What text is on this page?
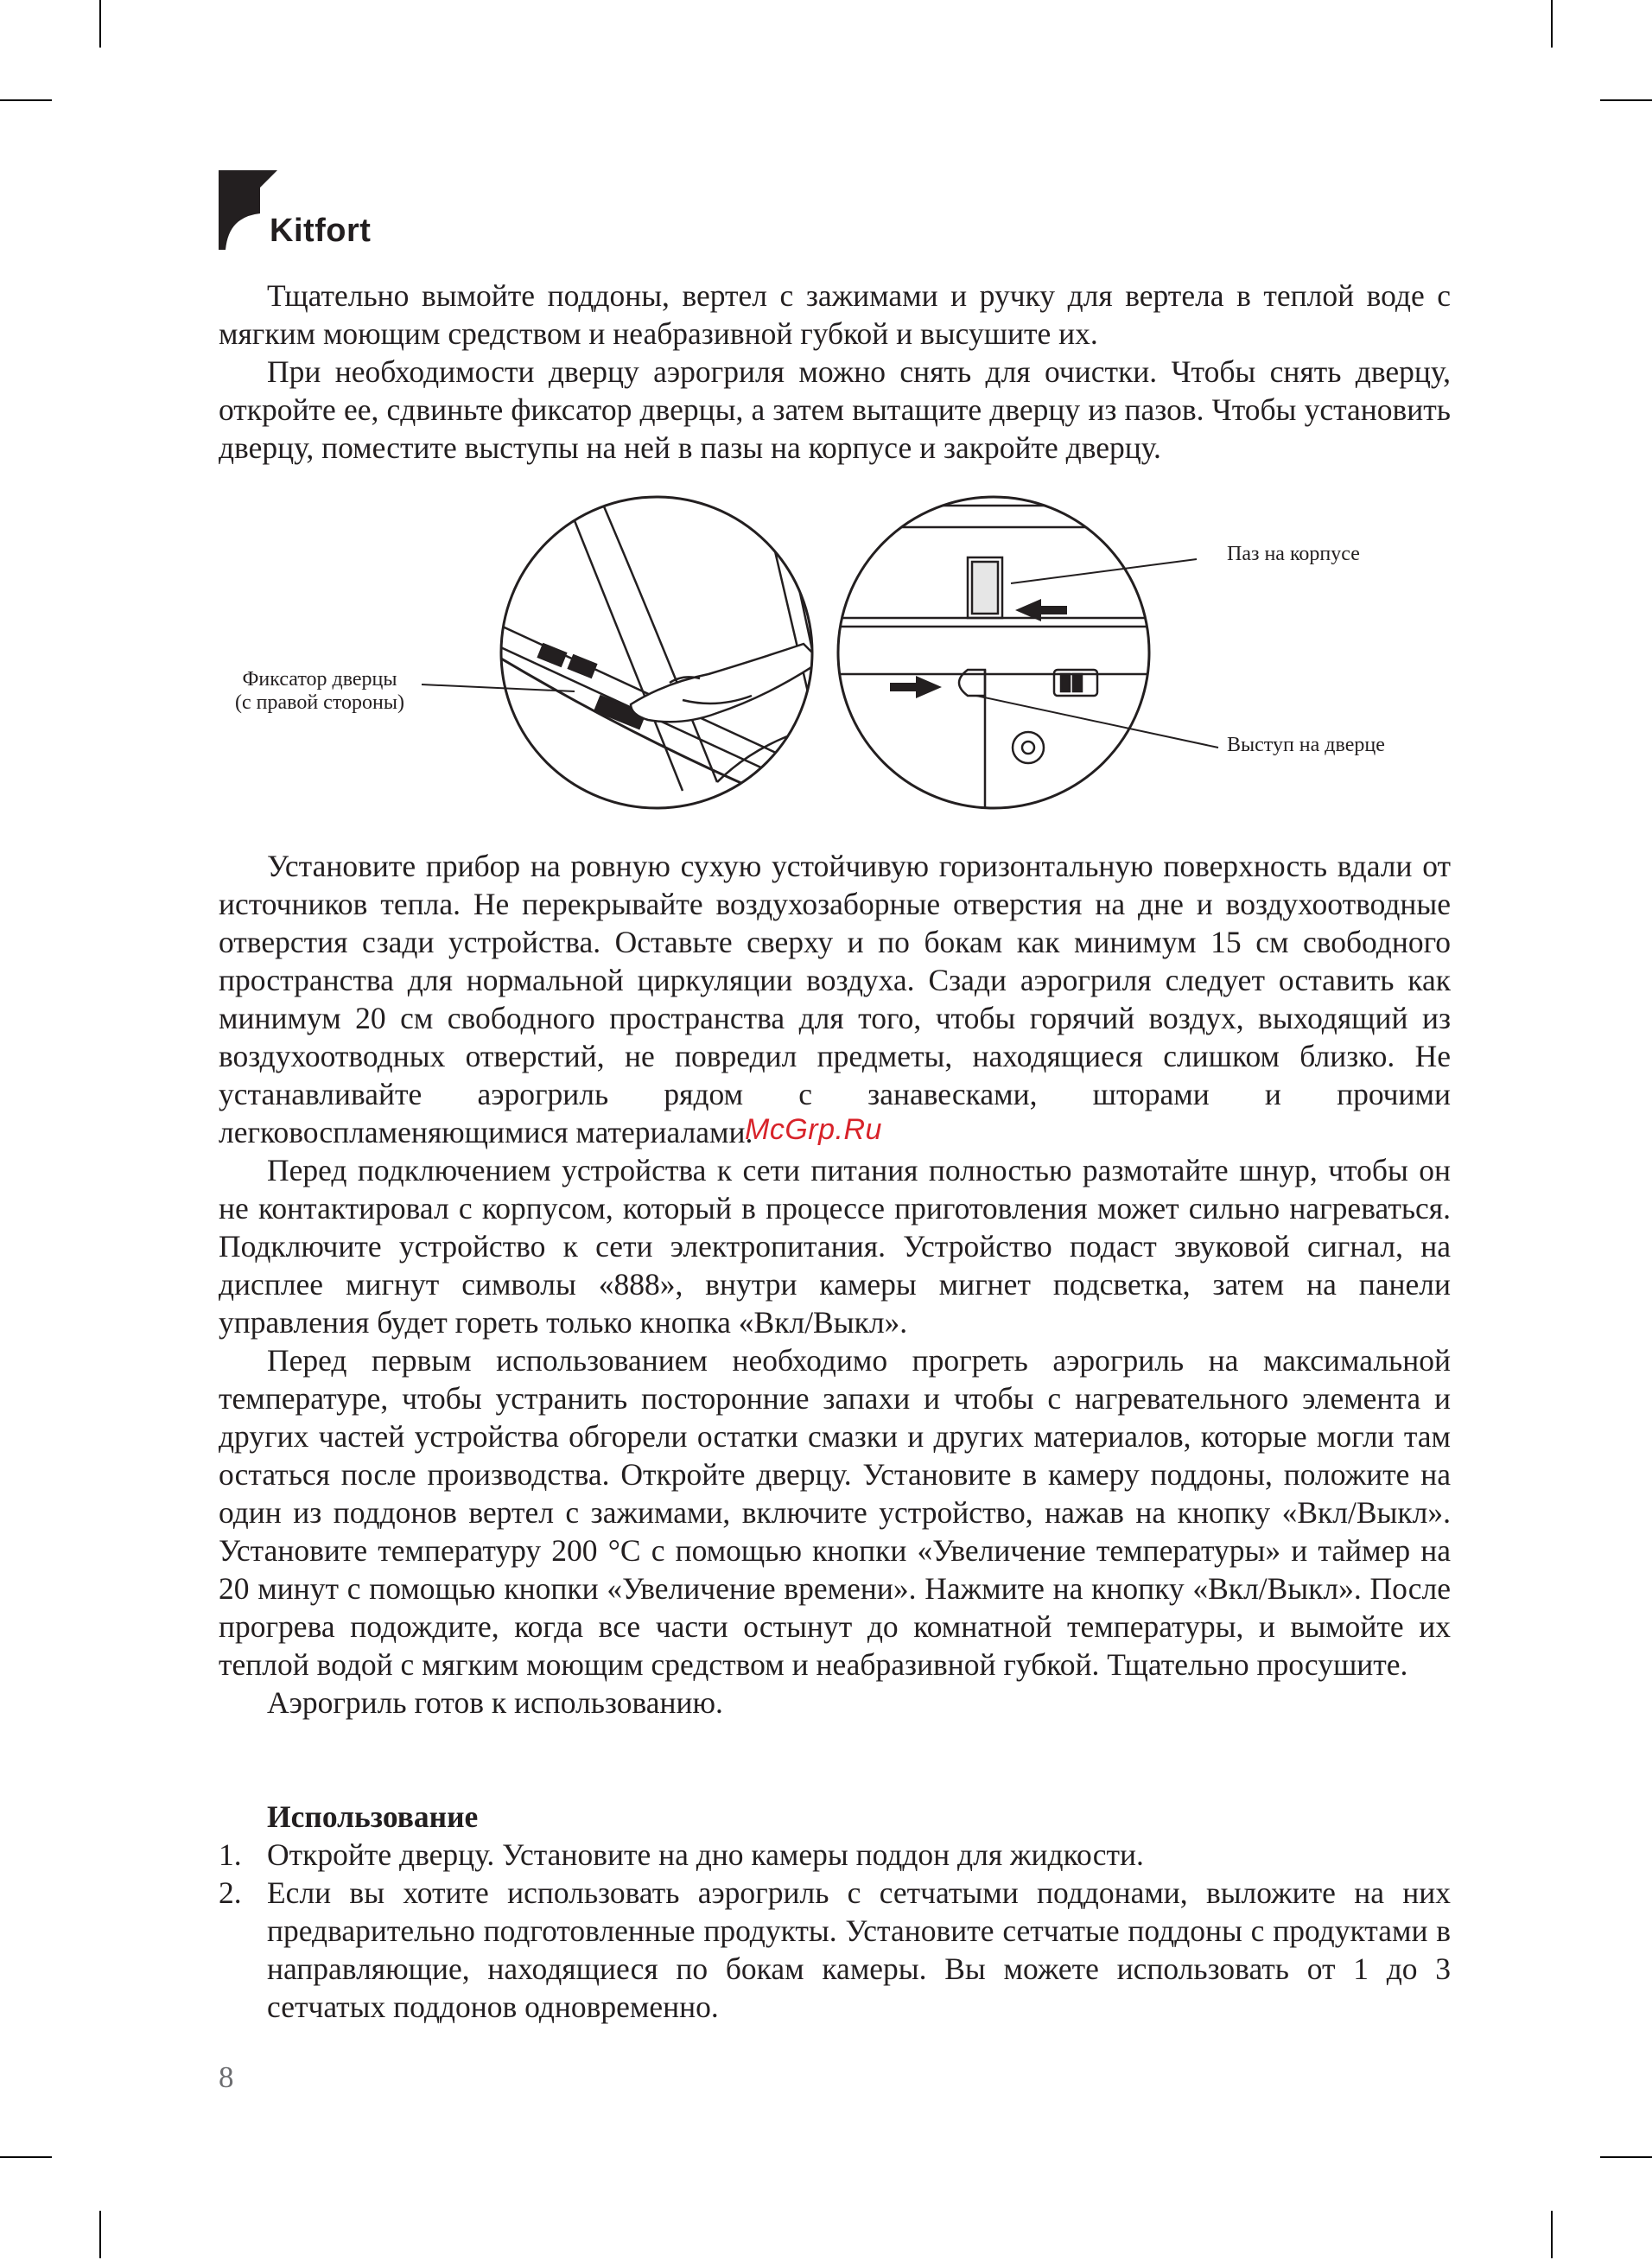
Kitfort

Тщательно вымойте поддоны, вертел с зажимами и ручку для вертела в теплой воде с мягким моющим средством и неабразивной губкой и высушите их.

При необходимости дверцу аэрогриля можно снять для очистки. Чтобы снять дверцу, откройте ее, сдвиньте фиксатор дверцы, а затем вытащите дверцу из пазов. Чтобы установить дверцу, поместите выступы на ней в пазы на корпусе и закройте дверцу.

Фиксатор дверцы
(с правой стороны)
Паз на корпусе
Выступ на дверце

Установите прибор на ровную сухую устойчивую горизонтальную поверхность вдали от источников тепла. Не перекрывайте воздухозаборные отверстия на дне и воздухоотводные отверстия сзади устройства. Оставьте сверху и по бокам как минимум 15 см свободного пространства для нормальной циркуляции воздуха. Сзади аэрогриля следует оставить как минимум 20 см свободного пространства для того, чтобы горячий воздух, выходящий из воздухоотводных отверстий, не повредил предметы, находящиеся слишком близко. Не устанавливайте аэрогриль рядом с занавесками, шторами и прочими легковоспламеняющимися материалами.

Перед подключением устройства к сети питания полностью размотайте шнур, чтобы он не контактировал с корпусом, который в процессе приготовления может сильно нагреваться. Подключите устройство к сети электропитания. Устройство подаст звуковой сигнал, на дисплее мигнут символы «888», внутри камеры мигнет подсветка, затем на панели управления будет гореть только кнопка «Вкл/Выкл».

Перед первым использованием необходимо прогреть аэрогриль на максимальной температуре, чтобы устранить посторонние запахи и чтобы с нагревательного элемента и других частей устройства обгорели остатки смазки и других материалов, которые могли там остаться после производства. Откройте дверцу. Установите в камеру поддоны, положите на один из поддонов вертел с зажимами, включите устройство, нажав на кнопку «Вкл/Выкл». Установите температуру 200 °С с помощью кнопки «Увеличение температуры» и таймер на 20 минут с помощью кнопки «Увеличение времени». Нажмите на кнопку «Вкл/Выкл». После прогрева подождите, когда все части остынут до комнатной температуры, и вымойте их теплой водой с мягким моющим средством и неабразивной губкой. Тщательно просушите.

Аэрогриль готов к использованию.

McGrp.Ru
Использование
1. Откройте дверцу. Установите на дно камеры поддон для жидкости.
2. Если вы хотите использовать аэрогриль с сетчатыми поддонами, выложите на них предварительно подготовленные продукты. Установите сетчатые поддоны с продуктами в направляющие, находящиеся по бокам камеры. Вы можете использовать от 1 до 3 сетчатых поддонов одновременно.
8
